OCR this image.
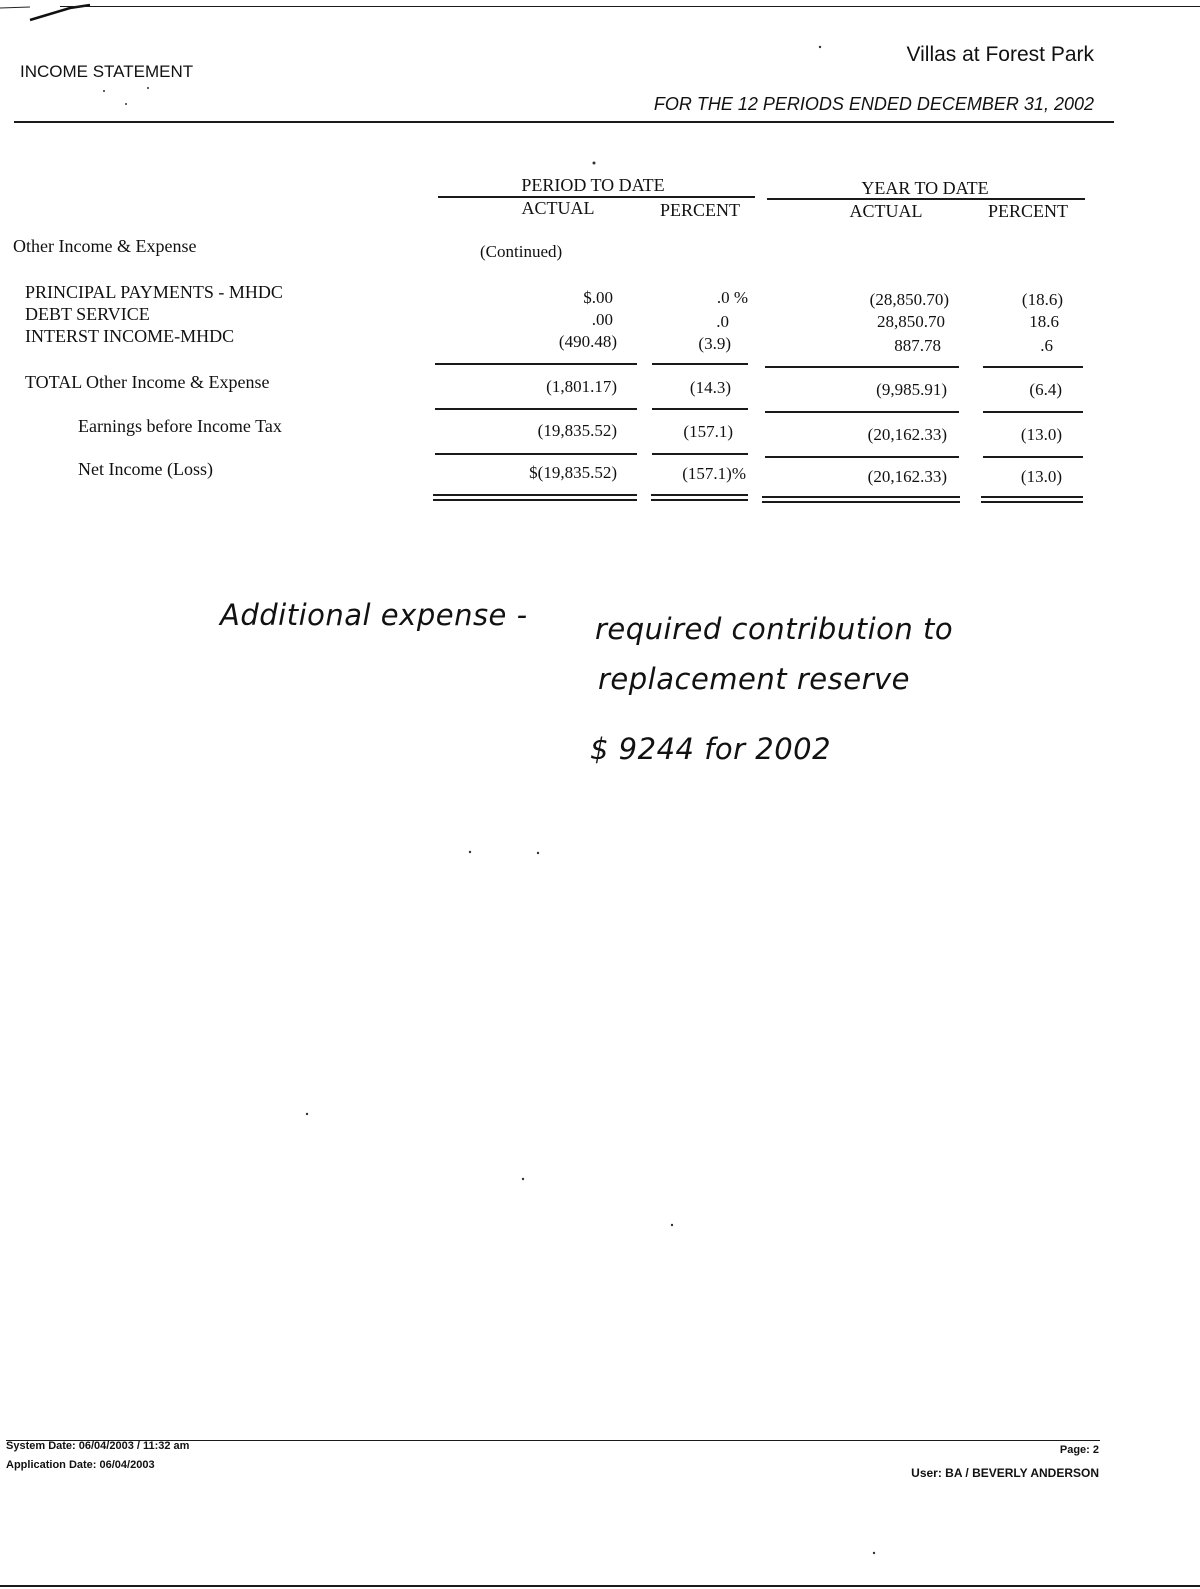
INCOME STATEMENT
Villas at Forest Park
FOR THE 12 PERIODS ENDED DECEMBER 31, 2002
PERIOD TO DATE	YEAR TO DATE
ACTUAL	PERCENT	ACTUAL	PERCENT
Other Income & Expense	(Continued)
PRINCIPAL PAYMENTS - MHDC	$.00	.0 %	(28,850.70)	(18.6)
DEBT SERVICE	.00	.0	28,850.70	18.6
INTERST INCOME-MHDC	(490.48)	(3.9)	887.78	.6
TOTAL Other Income & Expense	(1,801.17)	(14.3)	(9,985.91)	(6.4)
Earnings before Income Tax	(19,835.52)	(157.1)	(20,162.33)	(13.0)
Net Income (Loss)	$(19,835.52)	(157.1)%	(20,162.33)	(13.0)
Additional expense - required contribution to
replacement reserve
$ 9244 for 2002
System Date: 06/04/2003 / 11:32 am
Application Date: 06/04/2003
Page: 2
User: BA / BEVERLY ANDERSON
